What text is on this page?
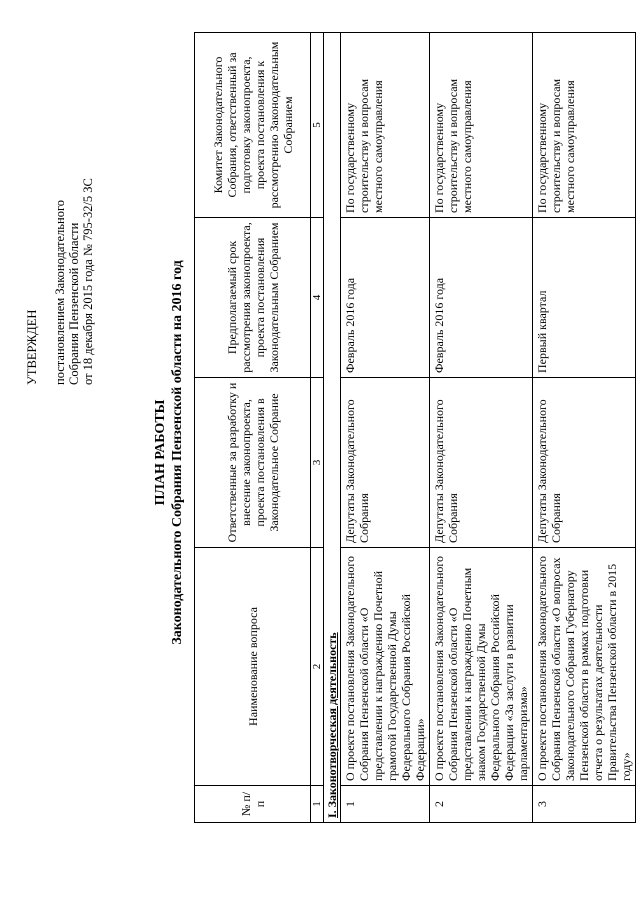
УТВЕРЖДЕН постановлением Законодательного Собрания Пензенской области от 18 декабря 2015 года № 795-32/5 ЗС
ПЛАН РАБОТЫ Законодательного Собрания Пензенской области на 2016 год
№ п/п	Наименование вопроса	Ответственные за разработку и внесение законопроекта, проекта постановления в Законодательное Собрание	Предполагаемый срок рассмотрения законопроекта, проекта постановления Законодательным Собранием	Комитет Законодательного Собрания, ответственный за подготовку законопроекта, проекта постановления к рассмотрению Законодательным Собранием
1	2	3	4	5
I. Законотворческая деятельность				
1	О проекте постановления Законодательного Собрания Пензенской области «О представлении к награждению Почетной грамотой Государственной Думы Федерального Собрания Российской Федерации»	Депутаты Законодательного Собрания	Февраль 2016 года	По государственному строительству и вопросам местного самоуправления
2	О проекте постановления Законодательного Собрания Пензенской области «О представлении к награждению Почетным знаком Государственной Думы Федерального Собрания Российской Федерации «За заслуги в развитии парламентаризма»	Депутаты Законодательного Собрания	Февраль 2016 года	По государственному строительству и вопросам местного самоуправления
3	О проекте постановления Законодательного Собрания Пензенской области «О вопросах Законодательного Собрания Губернатору Пензенской области в рамках подготовки отчета о результатах деятельности Правительства Пензенской области в 2015 году»	Депутаты Законодательного Собрания	Первый квартал	По государственному строительству и вопросам местного самоуправления
